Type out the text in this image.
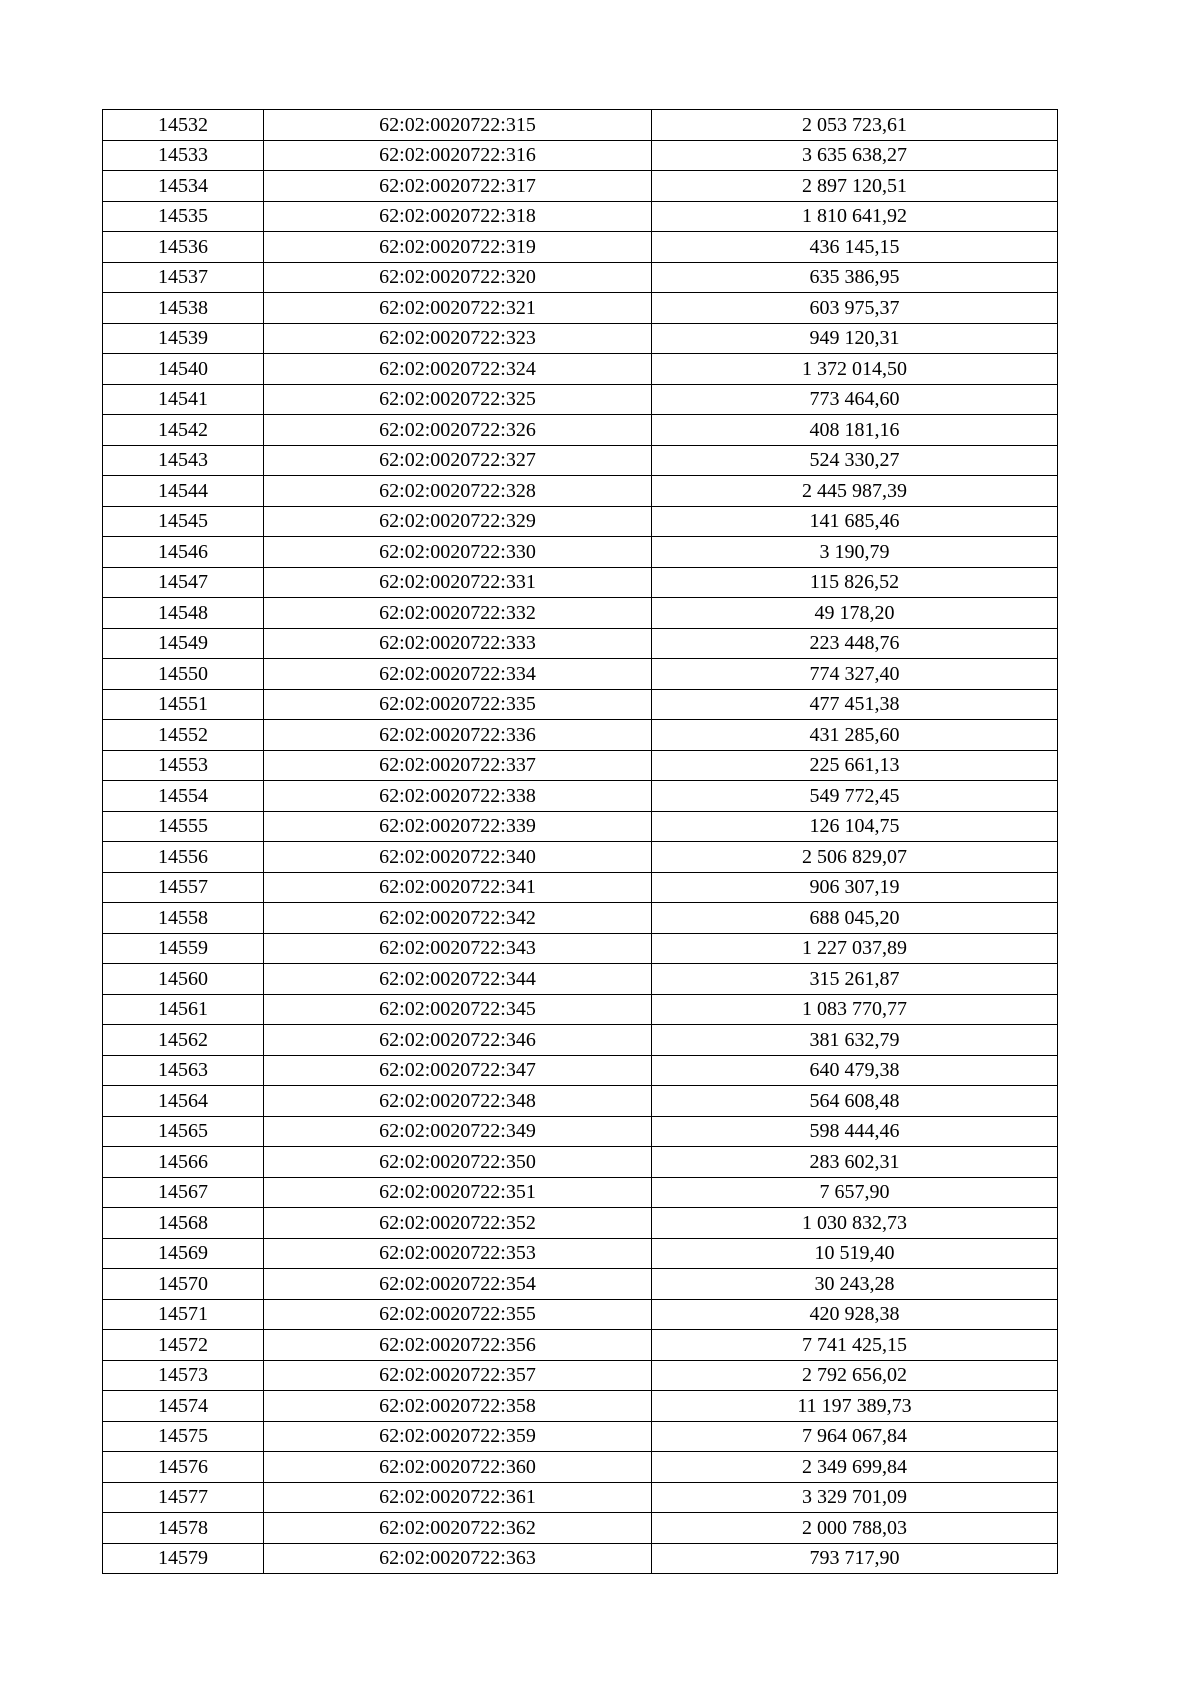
14532	62:02:0020722:315	2 053 723,61
14533	62:02:0020722:316	3 635 638,27
14534	62:02:0020722:317	2 897 120,51
14535	62:02:0020722:318	1 810 641,92
14536	62:02:0020722:319	436 145,15
14537	62:02:0020722:320	635 386,95
14538	62:02:0020722:321	603 975,37
14539	62:02:0020722:323	949 120,31
14540	62:02:0020722:324	1 372 014,50
14541	62:02:0020722:325	773 464,60
14542	62:02:0020722:326	408 181,16
14543	62:02:0020722:327	524 330,27
14544	62:02:0020722:328	2 445 987,39
14545	62:02:0020722:329	141 685,46
14546	62:02:0020722:330	3 190,79
14547	62:02:0020722:331	115 826,52
14548	62:02:0020722:332	49 178,20
14549	62:02:0020722:333	223 448,76
14550	62:02:0020722:334	774 327,40
14551	62:02:0020722:335	477 451,38
14552	62:02:0020722:336	431 285,60
14553	62:02:0020722:337	225 661,13
14554	62:02:0020722:338	549 772,45
14555	62:02:0020722:339	126 104,75
14556	62:02:0020722:340	2 506 829,07
14557	62:02:0020722:341	906 307,19
14558	62:02:0020722:342	688 045,20
14559	62:02:0020722:343	1 227 037,89
14560	62:02:0020722:344	315 261,87
14561	62:02:0020722:345	1 083 770,77
14562	62:02:0020722:346	381 632,79
14563	62:02:0020722:347	640 479,38
14564	62:02:0020722:348	564 608,48
14565	62:02:0020722:349	598 444,46
14566	62:02:0020722:350	283 602,31
14567	62:02:0020722:351	7 657,90
14568	62:02:0020722:352	1 030 832,73
14569	62:02:0020722:353	10 519,40
14570	62:02:0020722:354	30 243,28
14571	62:02:0020722:355	420 928,38
14572	62:02:0020722:356	7 741 425,15
14573	62:02:0020722:357	2 792 656,02
14574	62:02:0020722:358	11 197 389,73
14575	62:02:0020722:359	7 964 067,84
14576	62:02:0020722:360	2 349 699,84
14577	62:02:0020722:361	3 329 701,09
14578	62:02:0020722:362	2 000 788,03
14579	62:02:0020722:363	793 717,90
